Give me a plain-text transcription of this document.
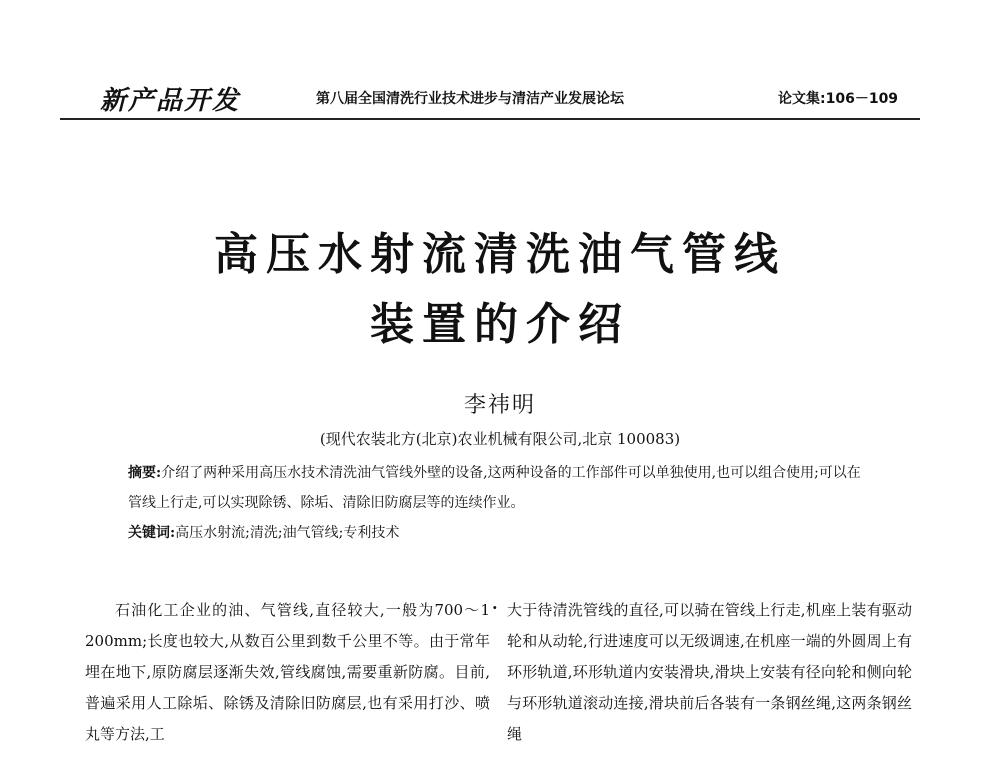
新产品开发	第八届全国清洗行业技术进步与清洁产业发展论坛	论文集:106－109
高压水射流清洗油气管线
装置的介绍
李祎明
(现代农装北方(北京)农业机械有限公司,北京 100083)
摘要:介绍了两种采用高压水技术清洗油气管线外壁的设备,这两种设备的工作部件可以单独使用,也可以组合使用;可以在管线上行走,可以实现除锈、除垢、清除旧防腐层等的连续作业。
关键词:高压水射流;清洗;油气管线;专利技术

石油化工企业的油、气管线,直径较大,一般为700～1 200mm;长度也较大,从数百公里到数千公里不等。由于常年埋在地下,原防腐层逐渐失效,管线腐蚀,需要重新防腐。目前,普遍采用人工除垢、除锈及清除旧防腐层,也有采用打沙、喷丸等方法,工

· 大于待清洗管线的直径,可以骑在管线上行走,机座上装有驱动轮和从动轮,行进速度可以无级调速,在机座一端的外圆周上有环形轨道,环形轨道内安装滑块,滑块上安装有径向轮和侧向轮与环形轨道滚动连接,滑块前后各装有一条钢丝绳,这两条钢丝绳
